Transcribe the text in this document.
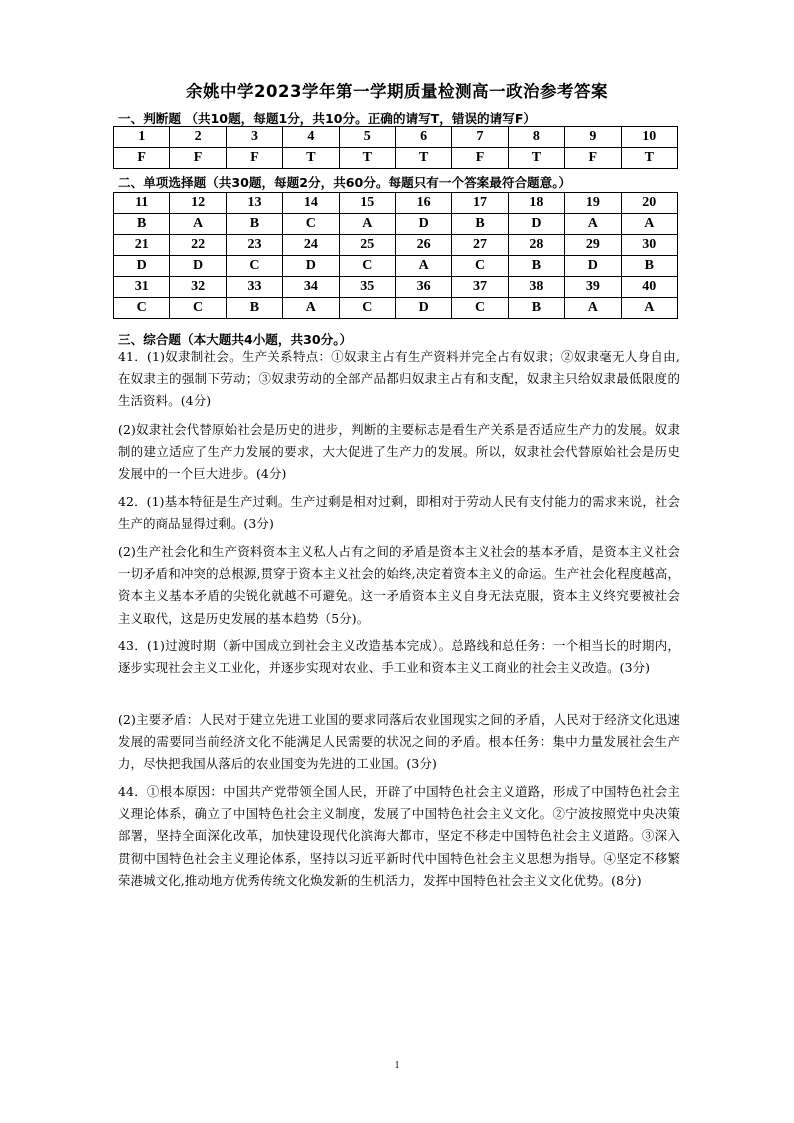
余姚中学2023学年第一学期质量检测高一政治参考答案
一、判断题 （共10题，每题1分，共10分。正确的请写T，错误的请写F）
1	2	3	4	5	6	7	8	9	10
F	F	F	T	T	T	F	T	F	T
二、单项选择题（共30题，每题2分，共60分。每题只有一个答案最符合题意。）
11	12	13	14	15	16	17	18	19	20
B	A	B	C	A	D	B	D	A	A
21	22	23	24	25	26	27	28	29	30
D	D	C	D	C	A	C	B	D	B
31	32	33	34	35	36	37	38	39	40
C	C	B	A	C	D	C	B	A	A
三、综合题（本大题共4小题，共30分。）
41．(1)奴隶制社会。生产关系特点：①奴隶主占有生产资料并完全占有奴隶；②奴隶毫无人身自由,在奴隶主的强制下劳动；③奴隶劳动的全部产品都归奴隶主占有和支配，奴隶主只给奴隶最低限度的生活资料。(4分)
(2)奴隶社会代替原始社会是历史的进步，判断的主要标志是看生产关系是否适应生产力的发展。奴隶制的建立适应了生产力发展的要求，大大促进了生产力的发展。所以，奴隶社会代替原始社会是历史发展中的一个巨大进步。(4分)
42．(1)基本特征是生产过剩。生产过剩是相对过剩，即相对于劳动人民有支付能力的需求来说，社会生产的商品显得过剩。(3分)
(2)生产社会化和生产资料资本主义私人占有之间的矛盾是资本主义社会的基本矛盾，是资本主义社会一切矛盾和冲突的总根源,贯穿于资本主义社会的始终,决定着资本主义的命运。生产社会化程度越高，资本主义基本矛盾的尖锐化就越不可避免。这一矛盾资本主义自身无法克服，资本主义终究要被社会主义取代，这是历史发展的基本趋势（5分)。
43．(1)过渡时期（新中国成立到社会主义改造基本完成）。总路线和总任务：一个相当长的时期内，逐步实现社会主义工业化，并逐步实现对农业、手工业和资本主义工商业的社会主义改造。(3分)
(2)主要矛盾：人民对于建立先进工业国的要求同落后农业国现实之间的矛盾，人民对于经济文化迅速发展的需要同当前经济文化不能满足人民需要的状况之间的矛盾。根本任务：集中力量发展社会生产力，尽快把我国从落后的农业国变为先进的工业国。(3分)
44．①根本原因：中国共产党带领全国人民，开辟了中国特色社会主义道路，形成了中国特色社会主义理论体系，确立了中国特色社会主义制度，发展了中国特色社会主义文化。②宁波按照党中央决策部署，坚持全面深化改革，加快建设现代化滨海大都市，坚定不移走中国特色社会主义道路。③深入贯彻中国特色社会主义理论体系，坚持以习近平新时代中国特色社会主义思想为指导。④坚定不移繁荣港城文化,推动地方优秀传统文化焕发新的生机活力，发挥中国特色社会主义文化优势。(8分)
1
